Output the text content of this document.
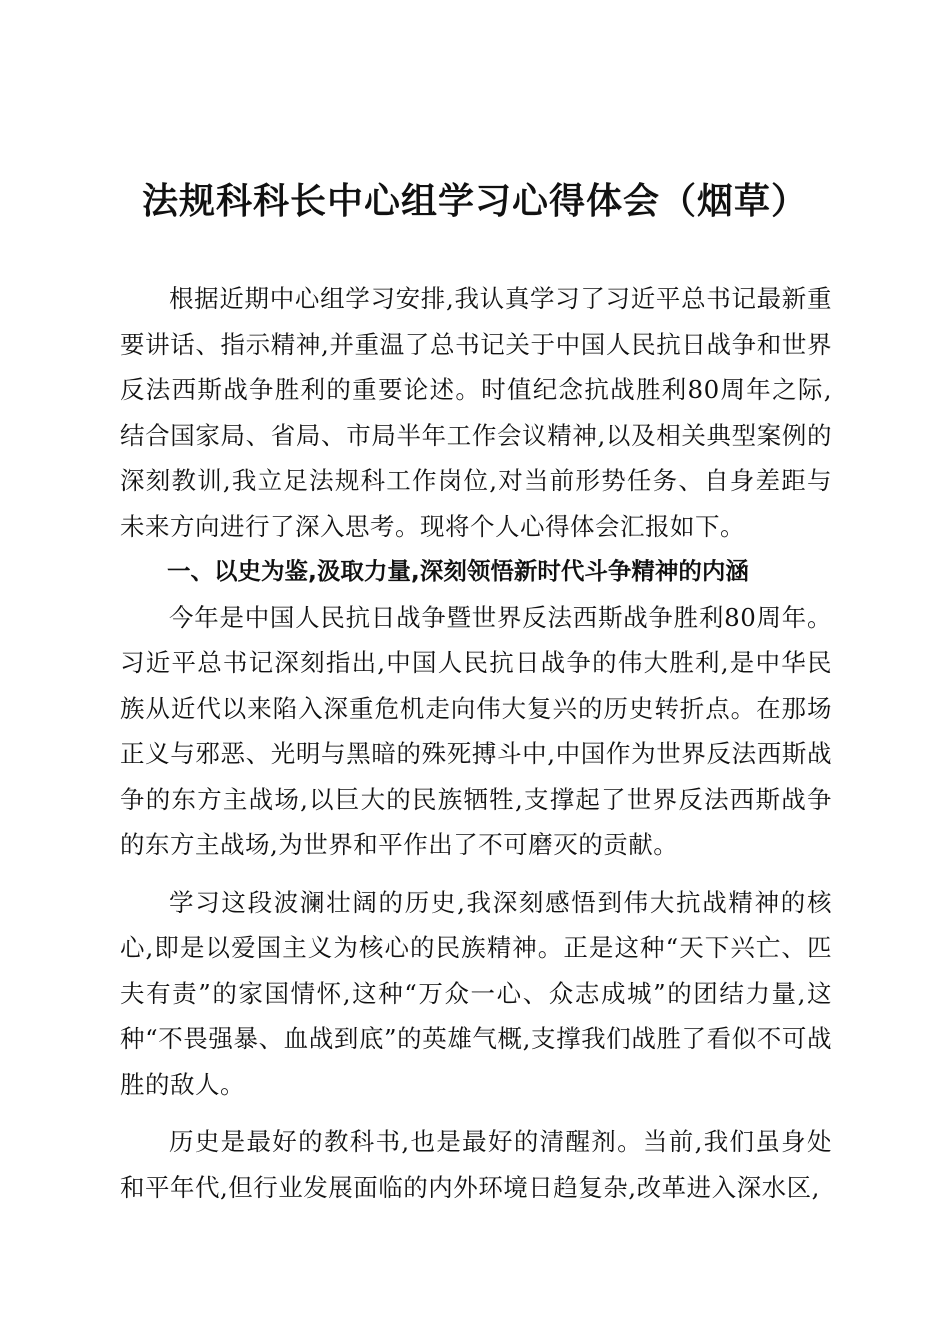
法规科科长中心组学习心得体会（烟草）

根据近期中心组学习安排,我认真学习了习近平总书记最新重要讲话、指示精神,并重温了总书记关于中国人民抗日战争和世界反法西斯战争胜利的重要论述。时值纪念抗战胜利80周年之际,结合国家局、省局、市局半年工作会议精神,以及相关典型案例的深刻教训,我立足法规科工作岗位,对当前形势任务、自身差距与未来方向进行了深入思考。现将个人心得体会汇报如下。

一、以史为鉴,汲取力量,深刻领悟新时代斗争精神的内涵

今年是中国人民抗日战争暨世界反法西斯战争胜利80周年。习近平总书记深刻指出,中国人民抗日战争的伟大胜利,是中华民族从近代以来陷入深重危机走向伟大复兴的历史转折点。在那场正义与邪恶、光明与黑暗的殊死搏斗中,中国作为世界反法西斯战争的东方主战场,以巨大的民族牺牲,支撑起了世界反法西斯战争的东方主战场,为世界和平作出了不可磨灭的贡献。

学习这段波澜壮阔的历史,我深刻感悟到伟大抗战精神的核心,即是以爱国主义为核心的民族精神。正是这种“天下兴亡、匹夫有责”的家国情怀,这种“万众一心、众志成城”的团结力量,这种“不畏强暴、血战到底”的英雄气概,支撑我们战胜了看似不可战胜的敌人。

历史是最好的教科书,也是最好的清醒剂。当前,我们虽身处和平年代,但行业发展面临的内外环境日趋复杂,改革进入深水区,
